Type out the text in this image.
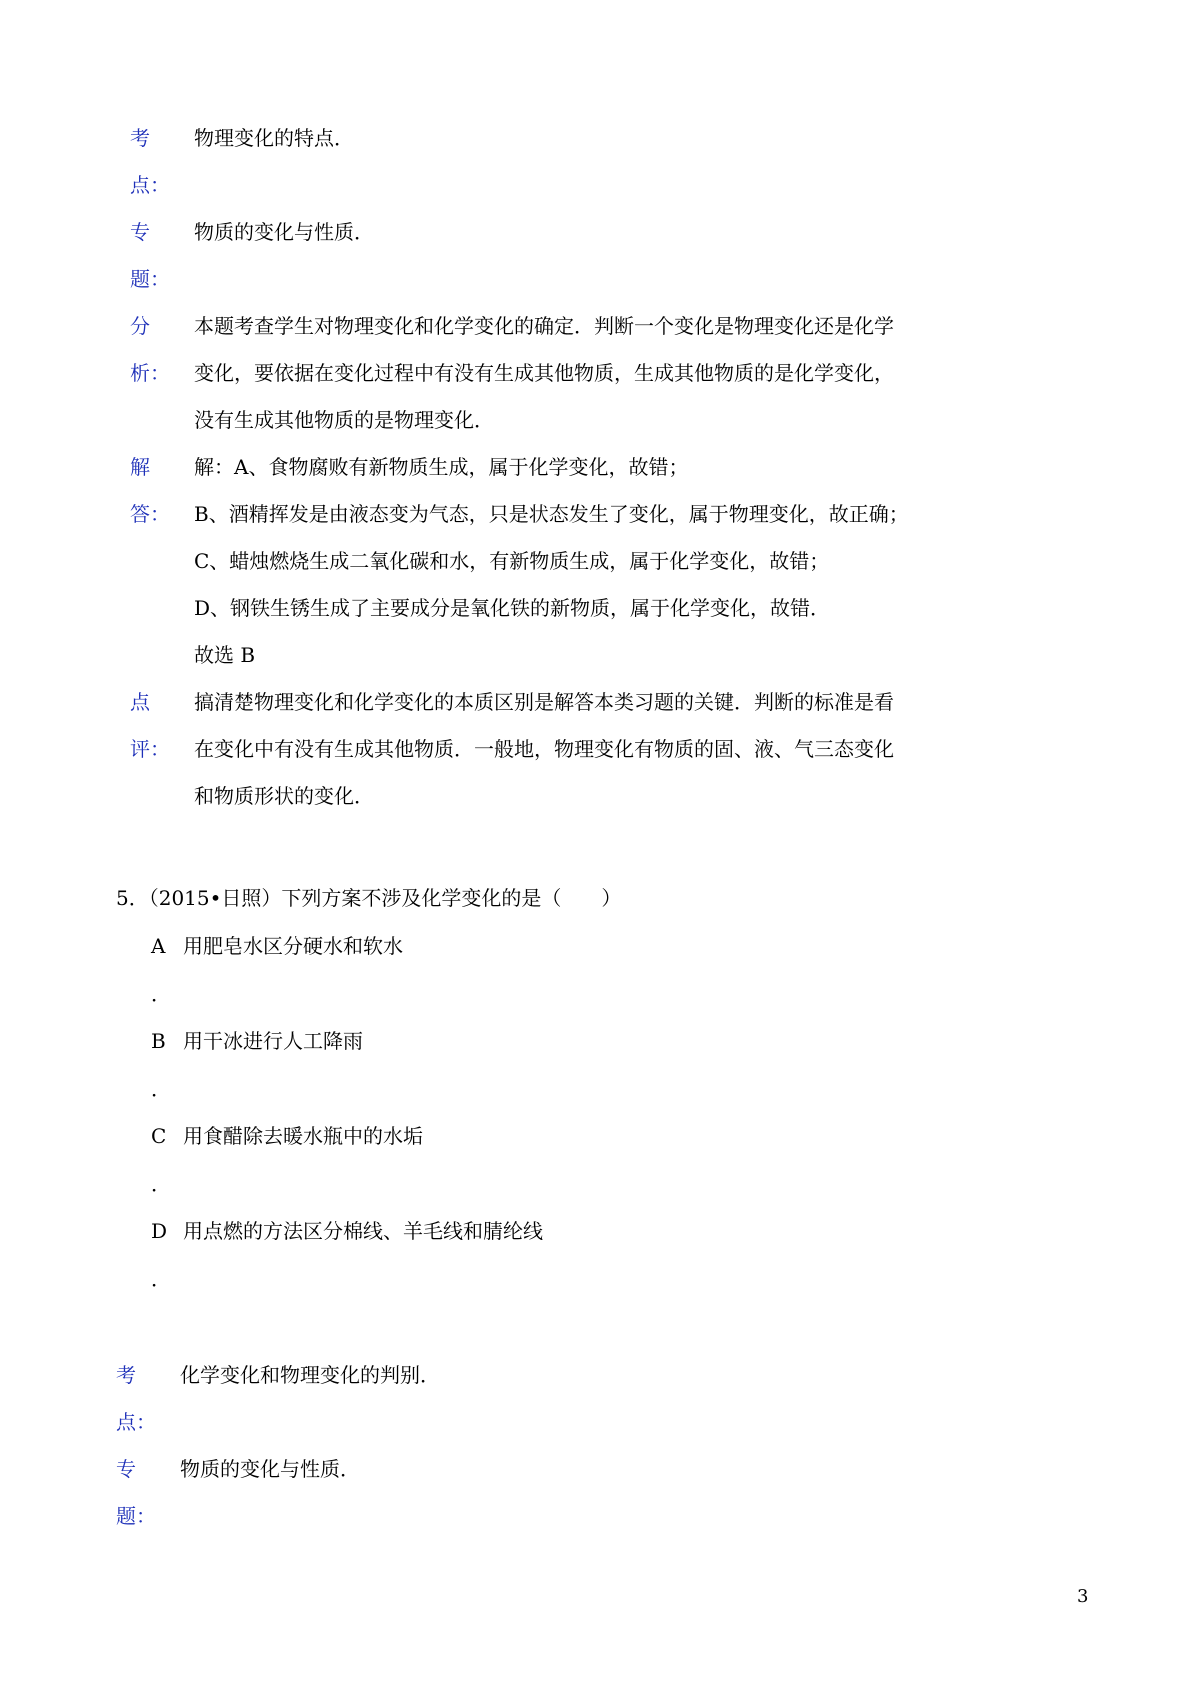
考
点：
物理变化的特点．
专
题：
物质的变化与性质．
分
析：
本题考查学生对物理变化和化学变化的确定．判断一个变化是物理变化还是化学
变化，要依据在变化过程中有没有生成其他物质，生成其他物质的是化学变化，
没有生成其他物质的是物理变化．
解
答：
解：A、食物腐败有新物质生成，属于化学变化，故错；
B、酒精挥发是由液态变为气态，只是状态发生了变化，属于物理变化，故正确；
C、蜡烛燃烧生成二氧化碳和水，有新物质生成，属于化学变化，故错；
D、钢铁生锈生成了主要成分是氧化铁的新物质，属于化学变化，故错．
故选 B
点
评：
搞清楚物理变化和化学变化的本质区别是解答本类习题的关键．判断的标准是看
在变化中有没有生成其他物质．一般地，物理变化有物质的固、液、气三态变化
和物质形状的变化．
5．（2015•日照）下列方案不涉及化学变化的是（　　）
A 用肥皂水区分硬水和软水
．
B 用干冰进行人工降雨
．
C 用食醋除去暖水瓶中的水垢
．
D 用点燃的方法区分棉线、羊毛线和腈纶线
．
考
点：
化学变化和物理变化的判别．
专
题：
物质的变化与性质．
3
